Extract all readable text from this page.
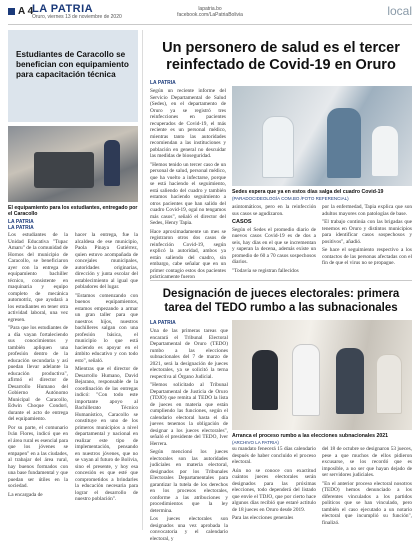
A 4
LA PATRIA
Oruro, viernes 13 de noviembre de 2020
lapatria.bo
facebook.com/LaPatriaBolivia	local
Estudiantes de Caracollo se benefician con equipamiento para capacitación técnica
El equipamiento para los estudiantes, entregado por el Caracollo
LA PATRIA
LA PATRIA

Los estudiantes de la Unidad Educativa "Tupac Amaru" de la comunidad de Hornos del municipio de Caracollo, se beneficiaron ayer con la entrega de equipamiento bachiller técnico, consistente en maquinaria y equipo completo de mecánica automotriz, que ayudará a los estudiantes en tener otra actividad laboral, una vez egresen.

"Para que los estudiantes de a día vayan fortaleciendo sus conocimientos y también apliquen una profesión dentro de la educación secundaria y así puedan llevar adelante la educación productiva", afirmó el director de Desarrollo Humano del Gobierno Autónomo Municipal de Caracollo, Edwin Choque Condori, durante el acto de entrega del equipamiento.

Por su parte, el comunario Iván Flores, indicó que en el área rural es esencial para que los jóvenes se empapen" en a las ciudades, al trabajar del área rural, hay buenos formados con una base fundamental y que puedan ser útiles en la sociedad.

La encargada de

hacer la entrega, fue la alcaldesa de ese municipio, Paola Pinaya Gutiérrez, quien estuvo acompañada de concejales municipales, autoridades originarias, dirección y junta escolar del establecimiento al igual que pobladores del lugar.

"Estamos comenzando con buenos equipamientos, estamos empezando a armar un gran taller para que nuestros hijos, nuestros bachilleres salgan con una profesión básica, el municipio lo que está haciendo es apoyar en el ámbito educativo y con todo esto", señaló.

Mientras que el director de Desarrollo Humano, David Bejarano, responsable de la coordinación de las entregas indicó: "Con todo este importante apoyo al Bachillerato Técnico Humanístico, Caracollo se constituye en uno de los primeros municipios a nivel departamental y nacional en realizar este tipo de implementación, pensando en nuestros jóvenes, que no se vayan al futuro de Bolivia, sino el presente, y hoy esa concesión es que esté que comprometidos a brindarles la educación necesaria para lograr el desarrollo de nuestro población".

Un personero de salud es el tercer reinfectado de Covid-19 en Oruro
LA PATRIA

Según un reciente informe del Servicio Departamental de Salud (Sedes), en el departamento de Oruro ya se registró tres reinfecciones en pacientes recuperados de Covid-19, el más reciente es un personal médico, mientras tanto las autoridades recomiendan a las instituciones y población en general no descuidar las medidas de bioseguridad.

"Hemos tenido un tercer caso de un personal de salud, personal médico, que ha vuelto a infectarse, porque se está haciendo el seguimiento, está saliendo del cuadro y también estamos haciendo seguimiento a otros pacientes que han salido del cuadro Covid-19, ogal no tengamos más casos", señaló el director del Sedes, Henry Tapia.

Hace aproximadamente un mes se registraron otros dos casos de reinfección Covid-19, según explicó la autoridad, ambos ya están saliendo del cuadro, sin embargo, cabe señalar que en un primer contagio estos dos pacientes prácticamente fueron

Sedes espera que ya en estos días salga del cuadro Covid-19
(PARADOCIDEOLOGÍA COM.BO /FOTO REFERENCIAL)

asintomáticos, pero en la reinfección sus casos se agudizaron.

CASOS

Según el Sedes el promedio diario de nuevos casos Covid-19 es de dos a seis, hay días en el que se incrementan y superan la decena, además existe un promedio de 60 a 70 casos sospechosos diarios.

"Todavía se registran fallecidos

por la enfermedad, Tapia explica que son adultos mayores con patologías de base.

"El trabajo continúa con las brigadas que tenemos en Oruro y distintos municipios para identificar casos sospechosos y positivos", añadió.

Se hace el seguimiento respectivo a los contactos de las personas afectadas con el fin de que el virus no se propague.

Designación de jueces electorales: primera tarea del TEDO rumbo a las subnacionales
LA PATRIA

Una de las primeras tareas que encarará el Tribunal Electoral Departamental de Oruro (TEDO) rumbo a las elecciones subnacionales del 7 de marzo de 2021, será la designación de jueces electorales, ya se solicitó la terna respectiva al Órgano Judicial.

"Hemos solicitado al Tribunal Departamental de Justicia de Oruro (TDJO) que remita al TEDO la lista de jueces en materia que están cumpliendo las funciones, según el calendario electoral hasta el día jueves tenemos la obligación de designar a los jueces electorales", señaló el presidente del TEDO, Iver Herrera.

Según mencionó los jueces electorales son las autoridades judiciales en materia electoral, designados por los Tribunales Electorales Departamentales para garantizar la tutela de los derechos en los procesos electorales, conforme a las atribuciones y procedimientos que la ley determina.

Los jueces electorales son designados una vez aprobada la convocatoria y el calendario electoral, y

Arranca el proceso rumbo a las elecciones subnacionales 2021
(ARCHIVO LA PATRIA)

su mandato fenecerá 15 días calendario después de haber concluido el proceso electoral.

Aún no se conoce con exactitud cuántos jueces electorales serán designados para las próximas elecciones, todo dependerá del listado que envíe el TDJO, que por cierto hace algunos días recibió que estaré actitulo de 18 jueces en Oruro desde 2019.

Para las elecciones generales

del 18 de octubre se designaron 53 jueces, pese a que muchos de ellos pidieron excusarse, se los recordó que es imposible, a no ser que hayan dejado de ser servidores judiciales.

"En el anterior proceso electoral nosotros (TEDO) hemos denunciado a los diferentes vinculados a los partidos políticos que se han vinculado, pero también el caso ejecutado a un notario electoral que incumplió su función", finalizó.
